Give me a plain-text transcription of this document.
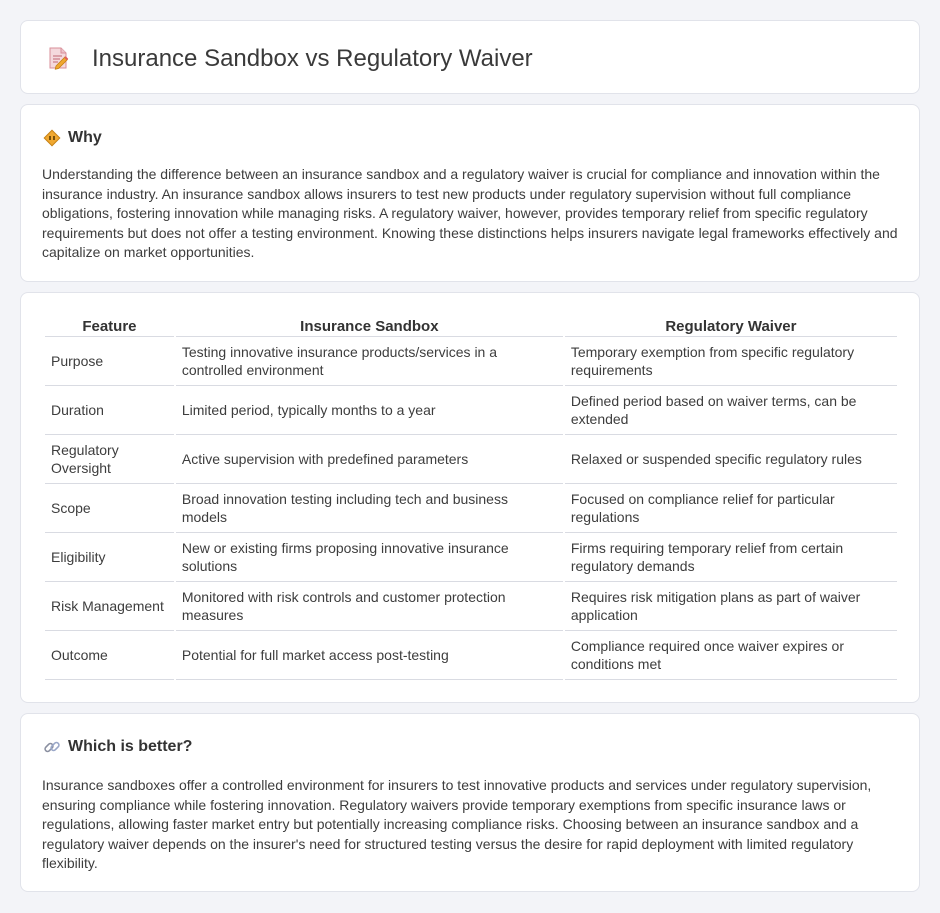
Insurance Sandbox vs Regulatory Waiver
Why

Understanding the difference between an insurance sandbox and a regulatory waiver is crucial for compliance and innovation within the insurance industry. An insurance sandbox allows insurers to test new products under regulatory supervision without full compliance obligations, fostering innovation while managing risks. A regulatory waiver, however, provides temporary relief from specific regulatory requirements but does not offer a testing environment. Knowing these distinctions helps insurers navigate legal frameworks effectively and capitalize on market opportunities.

Feature	Insurance Sandbox	Regulatory Waiver
Purpose	Testing innovative insurance products/services in a controlled environment	Temporary exemption from specific regulatory requirements
Duration	Limited period, typically months to a year	Defined period based on waiver terms, can be extended
Regulatory Oversight	Active supervision with predefined parameters	Relaxed or suspended specific regulatory rules
Scope	Broad innovation testing including tech and business models	Focused on compliance relief for particular regulations
Eligibility	New or existing firms proposing innovative insurance solutions	Firms requiring temporary relief from certain regulatory demands
Risk Management	Monitored with risk controls and customer protection measures	Requires risk mitigation plans as part of waiver application
Outcome	Potential for full market access post-testing	Compliance required once waiver expires or conditions met
Which is better?

Insurance sandboxes offer a controlled environment for insurers to test innovative products and services under regulatory supervision, ensuring compliance while fostering innovation. Regulatory waivers provide temporary exemptions from specific insurance laws or regulations, allowing faster market entry but potentially increasing compliance risks. Choosing between an insurance sandbox and a regulatory waiver depends on the insurer's need for structured testing versus the desire for rapid deployment with limited regulatory flexibility.
